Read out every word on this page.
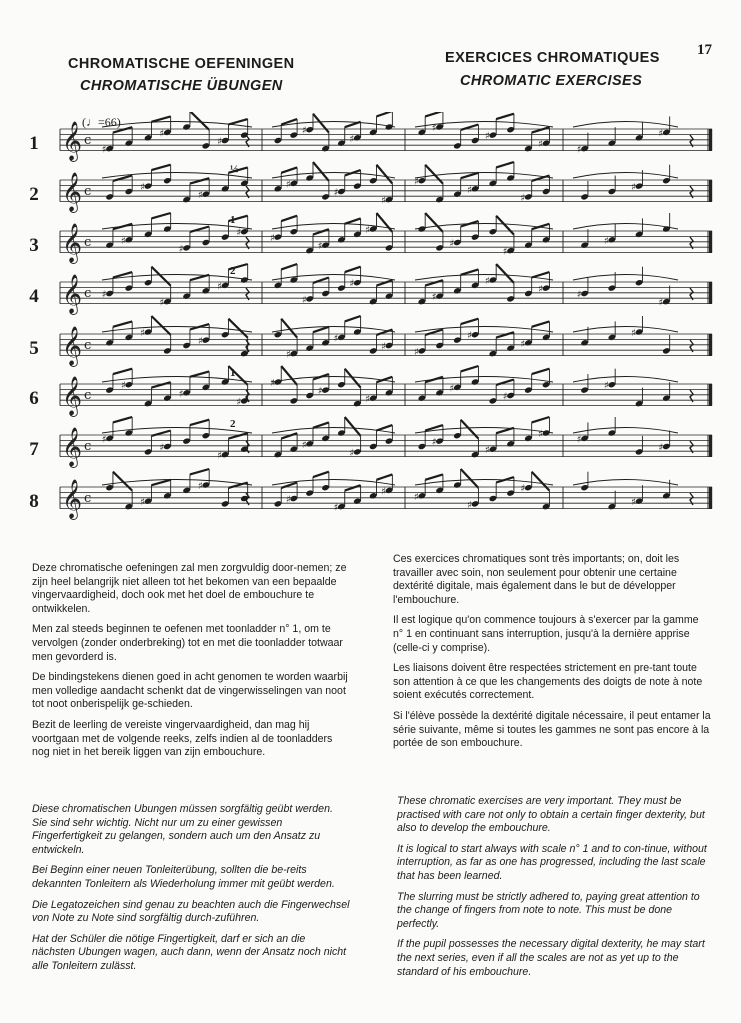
17
CHROMATISCHE OEFENINGEN
CHROMATISCHE ÜBUNGEN
EXERCICES CHROMATIQUES
CHROMATIC EXERCISES
1 𝄞 c
♯
♯
♯
♯
♯
♯
♯
♯	♯
♯
(♩=66)
2 𝄞 c	♯
♯
♯
♯
♯
♯
♯
♯
♯
½
3 𝄞 c	♯
♯
♯	♯
♯
♯
♯
♯
♯
1
4 𝄞 c ♯
♯
♯
♯
♯
♯
♯
♯	♯
♯
2
5 𝄞 c
♯
♯
♯
♯
♯	♯
♯
♯
♯
6 𝄞 c
♯
♯
♯
♯
♯
♯
♯
♯
♯
1
7 𝄞 c ♯
♯
♯
♯
♯
♯
♯
♯	♯
♯
2
8 𝄞 c	♯
♯
♯
♯
♯	♯
♯
♯
♯

Deze chromatische oefeningen zal men zorgvuldig door-nemen; ze zijn heel belangrijk niet alleen tot het bekomen van een bepaalde vingervaardigheid, doch ook met het doel de embouchure te ontwikkelen.

Men zal steeds beginnen te oefenen met toonladder n° 1, om te vervolgen (zonder onderbreking) tot en met die toonladder totwaar men gevorderd is.

De bindingstekens dienen goed in acht genomen te worden waarbij men volledige aandacht schenkt dat de vingerwisselingen van noot tot noot onberispelijk ge-schieden.

Bezit de leerling de vereiste vingervaardigheid, dan mag hij voortgaan met de volgende reeks, zelfs indien al de toonladders nog niet in het bereik liggen van zijn embouchure.

Diese chromatischen Ubungen müssen sorgfältig geübt werden. Sie sind sehr wichtig. Nicht nur um zu einer gewissen Fingerfertigkeit zu gelangen, sondern auch um den Ansatz zu entwickeln.

Bei Beginn einer neuen Tonleiterübung, sollten die be-reits dekannten Tonleitern als Wiederholung immer mit geübt werden.

Die Legatozeichen sind genau zu beachten auch die Fingerwechsel von Note zu Note sind sorgfältig durch-zuführen.

Hat der Schüler die nötige Fingertigkeit, darf er sich an die nächsten Ubungen wagen, auch dann, wenn der Ansatz noch nicht alle Tonleitern zulässt.

Ces exercices chromatiques sont très importants; on, doit les travailler avec soin, non seulement pour obtenir une certaine dextérité digitale, mais également dans le but de développer l'embouchure.

Il est logique qu'on commence toujours à s'exercer par la gamme n° 1 en continuant sans interruption, jusqu'à la dernière apprise (celle-ci y comprise).

Les liaisons doivent être respectées strictement en pre-tant toute son attention à ce que les changements des doigts de note à note soient exécutés correctement.

Si l'élève possède la dextérité digitale nécessaire, il peut entamer la série suivante, même si toutes les gammes ne sont pas encore à la portée de son embouchure.

These chromatic exercises are very important. They must be practised with care not only to obtain a certain finger dexterity, but also to develop the embouchure.

It is logical to start always with scale n° 1 and to con-tinue, without interruption, as far as one has progressed, including the last scale that has been learned.

The slurring must be strictly adhered to, paying great attention to the change of fingers from note to note. This must be done perfectly.

If the pupil possesses the necessary digital dexterity, he may start the next series, even if all the scales are not as yet up to the standard of his embouchure.
